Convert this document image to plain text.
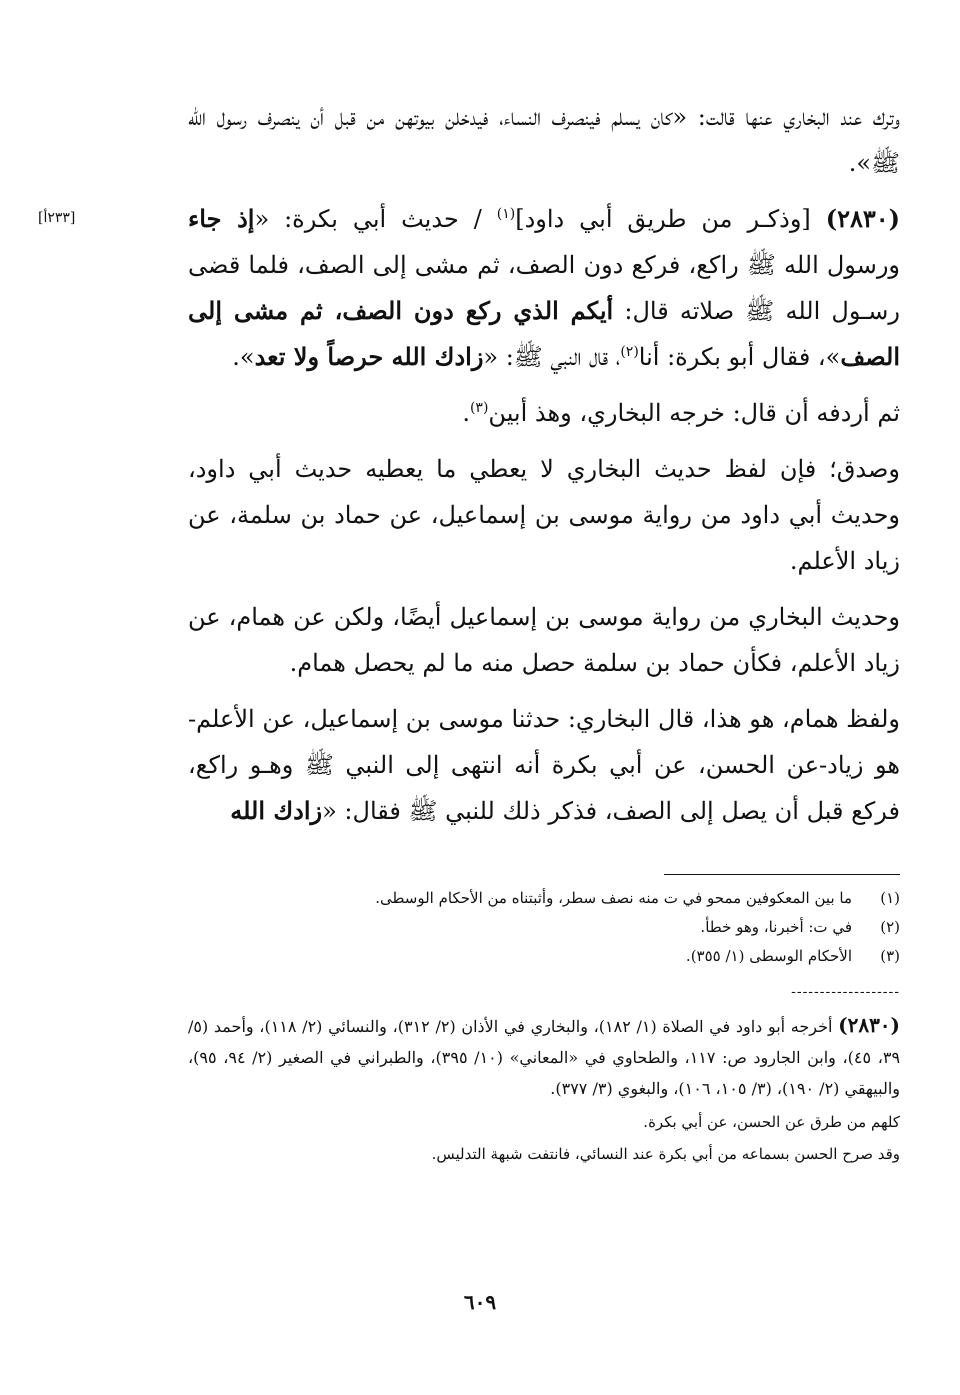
[٢٣٣أ]

وترك عند البخاري عنها قالت: «كان يسلم فينصرف النساء، فيدخلن بيوتهن من قبل أن ينصرف رسول الله ﷺ».

(٢٨٣٠) [وذكـر من طريق أبي داود]$^{(١)}$ / حديث أبي بكرة: «إذ جاء ورسول الله ﷺ راكع، فركع دون الصف، ثم مشى إلى الصف، فلما قضى رسـول الله ﷺ صلاته قال: أيكم الذي ركع دون الصف، ثم مشى إلى الصف»، فقال أبو بكرة: أنا$^{(٢)}$، قال النبي ﷺ: «زادك الله حرصاً ولا تعد».

ثم أردفه أن قال: خرجه البخاري، وهذ أبين$^{(٣)}$.

وصدق؛ فإن لفظ حديث البخاري لا يعطي ما يعطيه حديث أبي داود، وحديث أبي داود من رواية موسى بن إسماعيل، عن حماد بن سلمة، عن زياد الأعلم.

وحديث البخاري من رواية موسى بن إسماعيل أيضًا، ولكن عن همام، عن زياد الأعلم، فكأن حماد بن سلمة حصل منه ما لم يحصل همام.

ولفظ همام، هو هذا، قال البخاري: حدثنا موسى بن إسماعيل، عن الأعلم-هو زياد-عن الحسن، عن أبي بكرة أنه انتهى إلى النبي ﷺ وهـو راكع، فركع قبل أن يصل إلى الصف، فذكر ذلك للنبي ﷺ فقال: «زادك الله

(١)
ما بين المعكوفين ممحو في ت منه نصف سطر، وأثبتناه من الأحكام الوسطى.

(٢)
في ت: أخبرنا، وهو خطأ.

(٣)
الأحكام الوسطى (١/ ٣٥٥).

-------------------

(٢٨٣٠) أخرجه أبو داود في الصلاة (١/ ١٨٢)، والبخاري في الأذان (٢/ ٣١٢)، والنسائي (٢/ ١١٨)، وأحمد (٥/ ٣٩، ٤٥)، وابن الجارود ص: ١١٧، والطحاوي في «المعاني» (١٠/ ٣٩٥)، والطبراني في الصغير (٢/ ٩٤، ٩٥)، والبيهقي (٢/ ١٩٠)، (٣/ ١٠٥، ١٠٦)، والبغوي (٣/ ٣٧٧).

كلهم من طرق عن الحسن، عن أبي بكرة.

وقد صرح الحسن بسماعه من أبي بكرة عند النسائي، فانتفت شبهة التدليس.

٦٠٩
